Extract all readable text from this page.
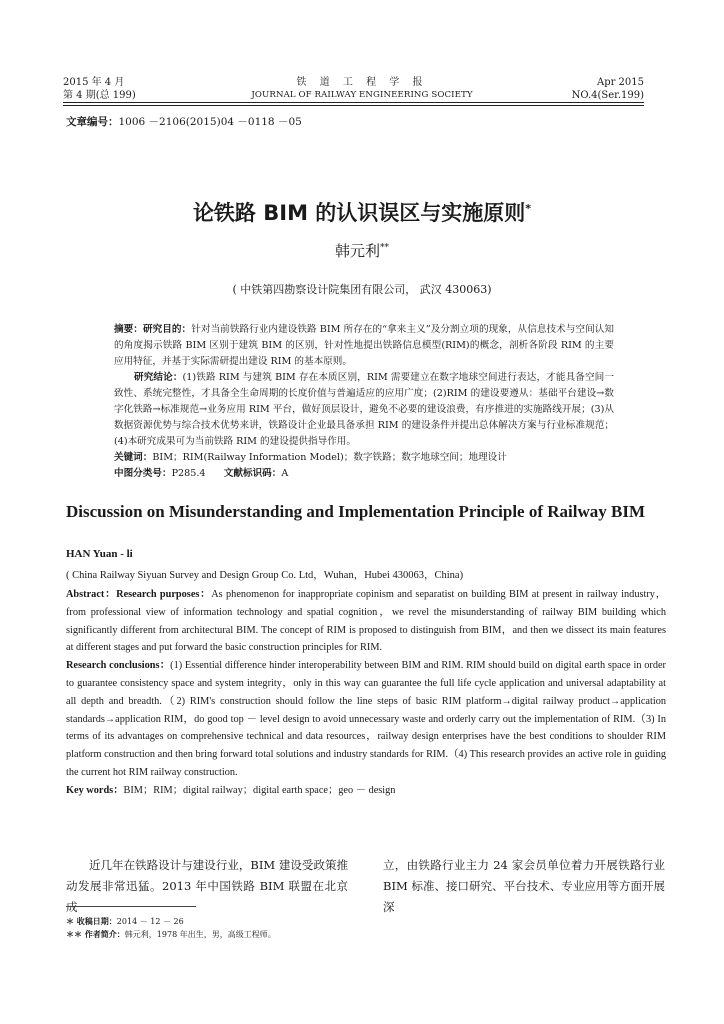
2015 年 4 月
第 4 期(总 199)
铁 道 工 程 学 报
JOURNAL OF RAILWAY ENGINEERING SOCIETY
Apr 2015
NO.4(Ser.199)
文章编号：1006 －2106(2015)04 －0118 －05
论铁路 BIM 的认识误区与实施原则*
韩元利**
( 中铁第四勘察设计院集团有限公司， 武汉 430063)

摘要：研究目的：针对当前铁路行业内建设铁路 BIM 所存在的“拿来主义”及分割立项的现象，从信息技术与空间认知的角度揭示铁路 BIM 区别于建筑 BIM 的区别，针对性地提出铁路信息模型(RIM)的概念，剖析各阶段 RIM 的主要应用特征，并基于实际需研提出建设 RIM 的基本原则。

研究结论：(1)铁路 RIM 与建筑 BIM 存在本质区别，RIM 需要建立在数字地球空间进行表达，才能具备空间一致性、系统完整性，才具备全生命周期的长度价值与普遍适应的应用广度；(2)RIM 的建设要遵从：基础平台建设→数字化铁路→标准规范→业务应用 RIM 平台，做好顶层设计，避免不必要的建设浪费，有序推进的实施路线开展；(3)从数据资源优势与综合技术优势来讲，铁路设计企业最具备承担 RIM 的建设条件并提出总体解决方案与行业标准规范；(4)本研究成果可为当前铁路 RIM 的建设提供指导作用。

关键词：BIM；RIM(Railway Information Model)；数字铁路；数字地球空间；地理设计

中图分类号：P285.4 文献标识码：A

Discussion on Misunderstanding and Implementation Principle of Railway BIM
HAN Yuan - li
( China Railway Siyuan Survey and Design Group Co. Ltd，Wuhan，Hubei 430063，China)

Abstract：Research purposes：As phenomenon for inappropriate copinism and separatist on building BIM at present in railway industry，from professional view of information technology and spatial cognition，we revel the misunderstanding of railway BIM building which significantly different from architectural BIM. The concept of RIM is proposed to distinguish from BIM，and then we dissect its main features at different stages and put forward the basic construction principles for RIM.

Research conclusions：(1) Essential difference hinder interoperability between BIM and RIM. RIM should build on digital earth space in order to guarantee consistency space and system integrity，only in this way can guarantee the full life cycle application and universal adaptability at all depth and breadth.（2) RIM's construction should follow the line steps of basic RIM platform→digital railway product→application standards→application RIM，do good top － level design to avoid unnecessary waste and orderly carry out the implementation of RIM.（3) In terms of its advantages on comprehensive technical and data resources，railway design enterprises have the best conditions to shoulder RIM platform construction and then bring forward total solutions and industry standards for RIM.（4) This research provides an active role in guiding the current hot RIM railway construction.

Key words：BIM；RIM；digital railway；digital earth space；geo － design

近几年在铁路设计与建设行业，BIM 建设受政策推动发展非常迅猛。2013 年中国铁路 BIM 联盟在北京成

立，由铁路行业主力 24 家会员单位着力开展铁路行业 BIM 标准、接口研究、平台技术、专业应用等方面开展深

＊ 收稿日期：2014 － 12 － 26

＊＊ 作者简介：韩元利，1978 年出生，男，高级工程师。
